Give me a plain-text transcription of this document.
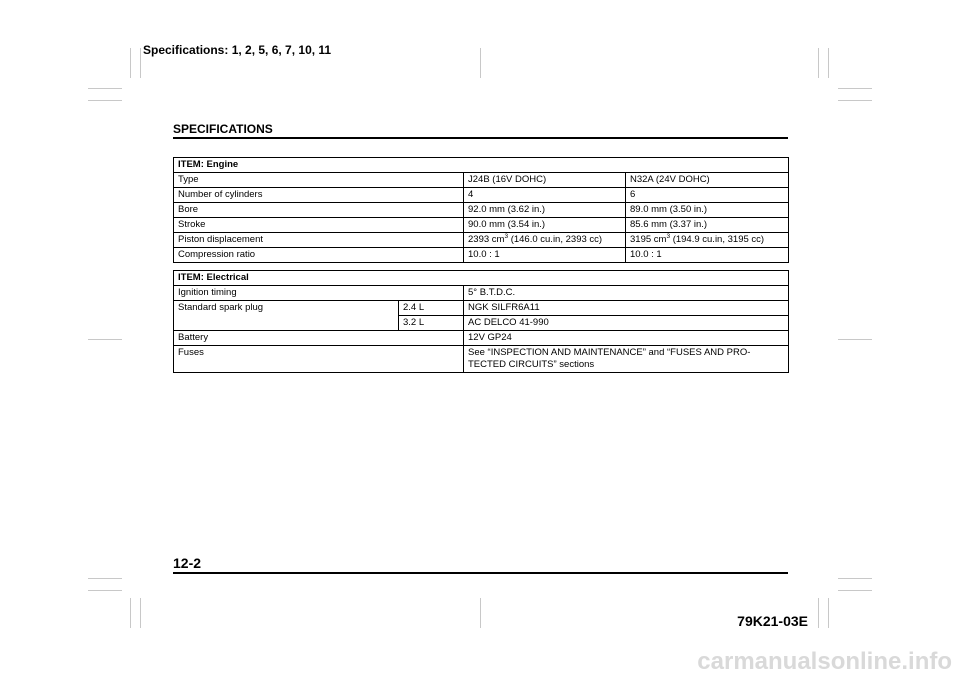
Specifications: 1, 2, 5, 6, 7, 10, 11
SPECIFICATIONS
ITEM: Engine		
Type	J24B (16V DOHC)	N32A (24V DOHC)
Number of cylinders	4	6
Bore	92.0 mm (3.62 in.)	89.0 mm (3.50 in.)
Stroke	90.0 mm (3.54 in.)	85.6 mm (3.37 in.)
Piston displacement	2393 $cm^3$ (146.0 cu.in, 2393 cc)	3195 $cm^3$ (194.9 cu.in, 3195 cc)
Compression ratio	10.0 : 1	10.0 : 1
ITEM: Electrical		
Ignition timing		5° B.T.D.C.
Standard spark plug	2.4 L	NGK SILFR6A11
	3.2 L	AC DELCO 41-990
Battery		12V GP24
Fuses		See “INSPECTION AND MAINTENANCE” and “FUSES AND PRO-
TECTED CIRCUITS” sections
12-2
79K21-03E
carmanualsonline.info
